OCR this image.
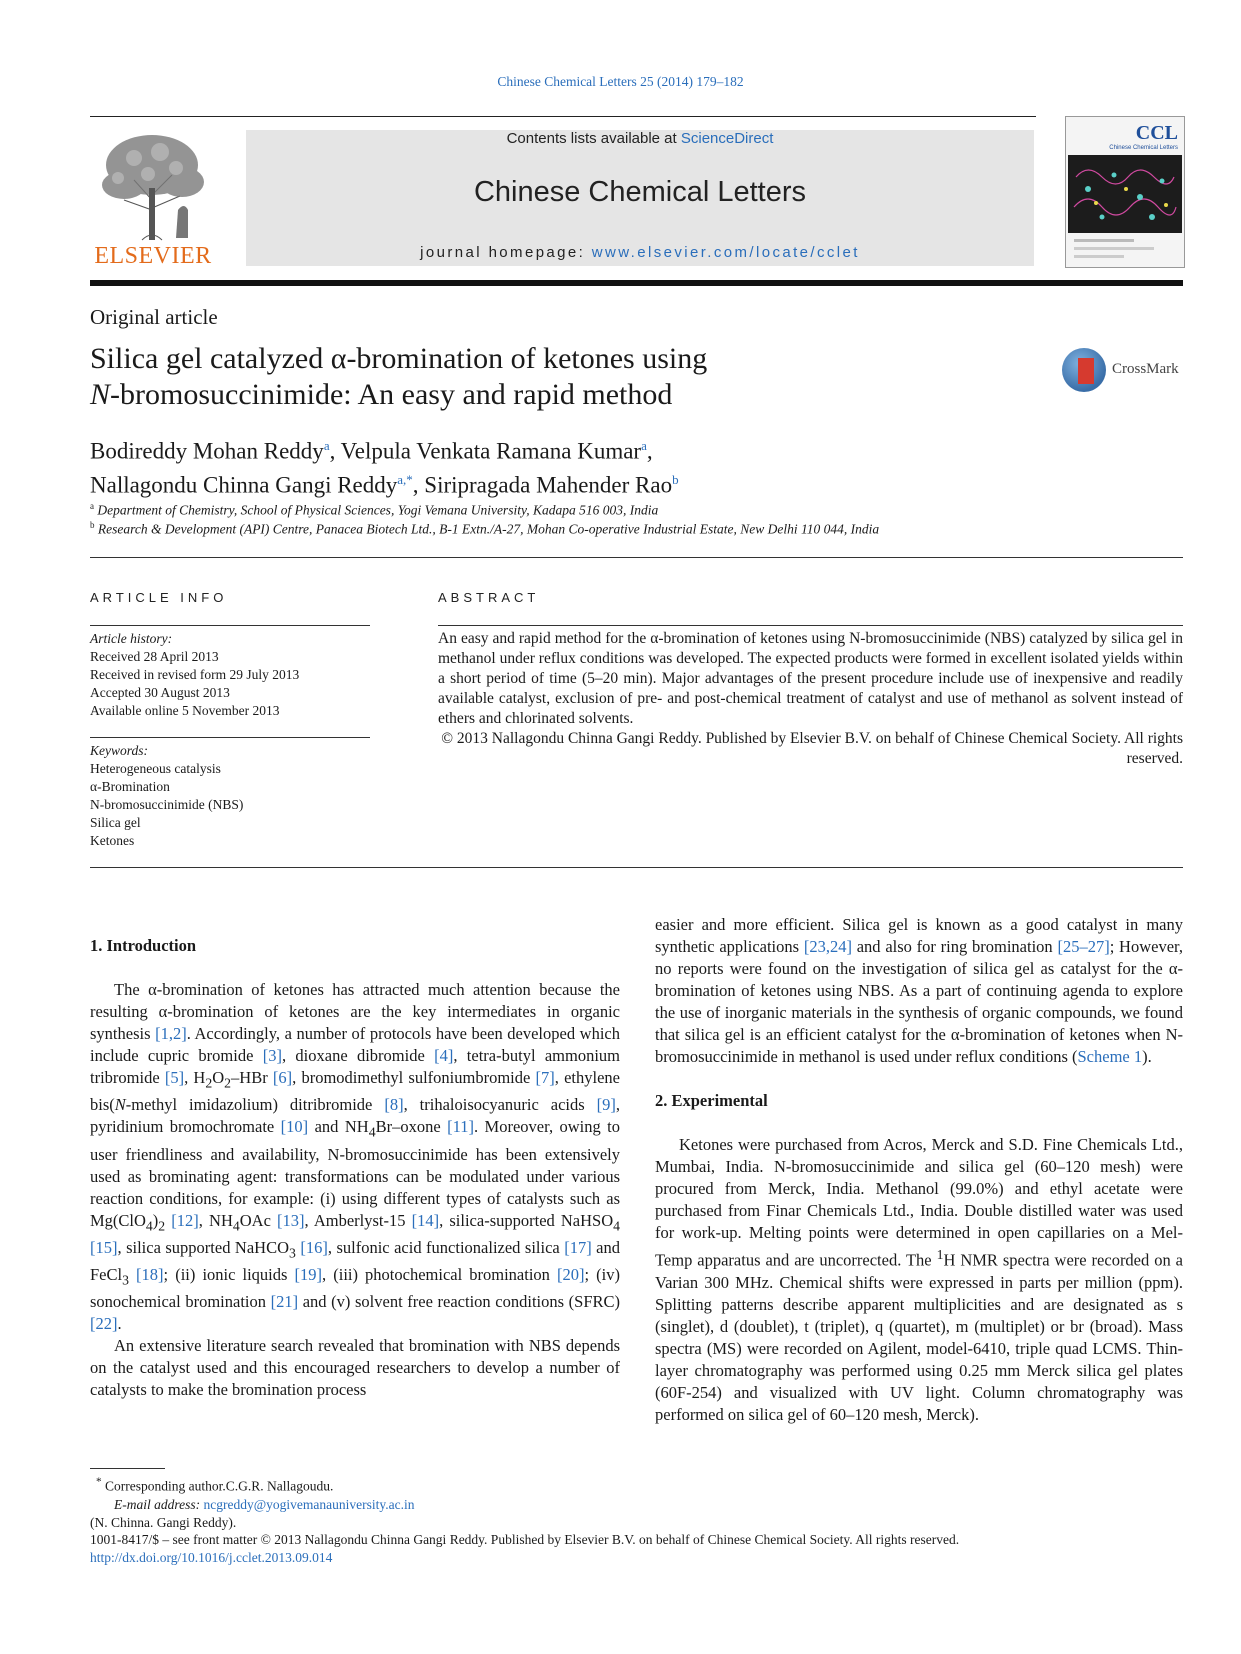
Chinese Chemical Letters 25 (2014) 179–182
ELSEVIER
Contents lists available at ScienceDirect
Chinese Chemical Letters
journal homepage: www.elsevier.com/locate/cclet
CCL
Chinese Chemical Letters
Original article
Silica gel catalyzed α-bromination of ketones using
N-bromosuccinimide: An easy and rapid method
CrossMark
Bodireddy Mohan Reddy$^a$, Velpula Venkata Ramana Kumar$^a$,
Nallagondu Chinna Gangi Reddy$^{a,*}$, Siripragada Mahender Rao$^b$
$^a$ Department of Chemistry, School of Physical Sciences, Yogi Vemana University, Kadapa 516 003, India
$^b$ Research & Development (API) Centre, Panacea Biotech Ltd., B-1 Extn./A-27, Mohan Co-operative Industrial Estate, New Delhi 110 044, India
ARTICLE INFO	ABSTRACT
Article history:
Received 28 April 2013
Received in revised form 29 July 2013
Accepted 30 August 2013
Available online 5 November 2013
Keywords:
Heterogeneous catalysis
α-Bromination
N-bromosuccinimide (NBS)
Silica gel
Ketones
An easy and rapid method for the α-bromination of ketones using N-bromosuccinimide (NBS) catalyzed by silica gel in methanol under reflux conditions was developed. The expected products were formed in excellent isolated yields within a short period of time (5–20 min). Major advantages of the present procedure include use of inexpensive and readily available catalyst, exclusion of pre- and post-chemical treatment of catalyst and use of methanol as solvent instead of ethers and chlorinated solvents.

© 2013 Nallagondu Chinna Gangi Reddy. Published by Elsevier B.V. on behalf of Chinese Chemical Society. All rights reserved.

1. Introduction

The α-bromination of ketones has attracted much attention because the resulting α-bromination of ketones are the key intermediates in organic synthesis [1,2]. Accordingly, a number of protocols have been developed which include cupric bromide [3], dioxane dibromide [4], tetra-butyl ammonium tribromide [5], $H_2O_2$–HBr [6], bromodimethyl sulfoniumbromide [7], ethylene bis(N-methyl imidazolium) ditribromide [8], trihaloisocyanuric acids [9], pyridinium bromochromate [10] and $NH_4Br$–oxone [11]. Moreover, owing to user friendliness and availability, N-bromosuccinimide has been extensively used as brominating agent: transformations can be modulated under various reaction conditions, for example: (i) using different types of catalysts such as $Mg(ClO_4)_2$ [12], $NH_4OAc$ [13], Amberlyst-15 [14], silica-supported NaHSO$_4$ [15], silica supported NaHCO$_3$ [16], sulfonic acid functionalized silica [17] and FeCl$_3$ [18]; (ii) ionic liquids [19], (iii) photochemical bromination [20]; (iv) sonochemical bromination [21] and (v) solvent free reaction conditions (SFRC) [22].

An extensive literature search revealed that bromination with NBS depends on the catalyst used and this encouraged researchers to develop a number of catalysts to make the bromination process

easier and more efficient. Silica gel is known as a good catalyst in many synthetic applications [23,24] and also for ring bromination [25–27]; However, no reports were found on the investigation of silica gel as catalyst for the α-bromination of ketones using NBS. As a part of continuing agenda to explore the use of inorganic materials in the synthesis of organic compounds, we found that silica gel is an efficient catalyst for the α-bromination of ketones when N-bromosuccinimide in methanol is used under reflux conditions (Scheme 1).

2. Experimental

Ketones were purchased from Acros, Merck and S.D. Fine Chemicals Ltd., Mumbai, India. N-bromosuccinimide and silica gel (60–120 mesh) were procured from Merck, India. Methanol (99.0%) and ethyl acetate were purchased from Finar Chemicals Ltd., India. Double distilled water was used for work-up. Melting points were determined in open capillaries on a Mel-Temp apparatus and are uncorrected. The $^1$H NMR spectra were recorded on a Varian 300 MHz. Chemical shifts were expressed in parts per million (ppm). Splitting patterns describe apparent multiplicities and are designated as s (singlet), d (doublet), t (triplet), q (quartet), m (multiplet) or br (broad). Mass spectra (MS) were recorded on Agilent, model-6410, triple quad LCMS. Thin-layer chromatography was performed using 0.25 mm Merck silica gel plates (60F-254) and visualized with UV light. Column chromatography was performed on silica gel of 60–120 mesh, Merck).

* Corresponding author.C.G.R. Nallagoudu.
E-mail address: ncgreddy@yogivemanauniversity.ac.in
(N. Chinna. Gangi Reddy).
1001-8417/$ – see front matter © 2013 Nallagondu Chinna Gangi Reddy. Published by Elsevier B.V. on behalf of Chinese Chemical Society. All rights reserved.
http://dx.doi.org/10.1016/j.cclet.2013.09.014
